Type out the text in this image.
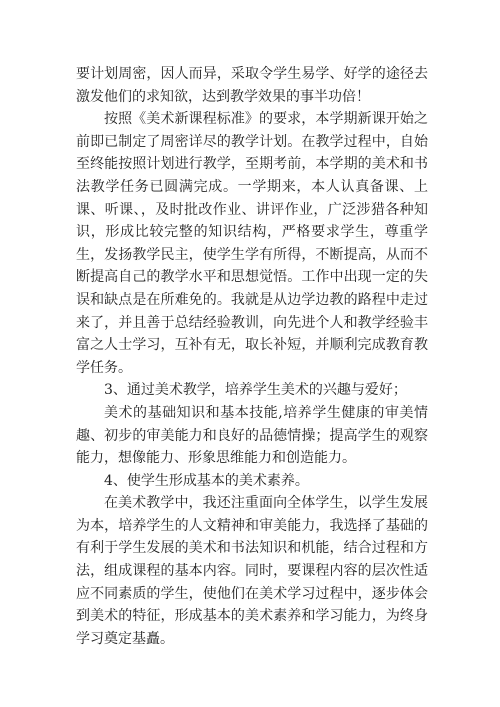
要计划周密，因人而异，采取令学生易学、好学的途径去激发他们的求知欲，达到教学效果的事半功倍！

按照《美术新课程标准》的要求，本学期新课开始之前即已制定了周密详尽的教学计划。在教学过程中，自始至终能按照计划进行教学，至期考前，本学期的美术和书法教学任务已圆满完成。一学期来，本人认真备课、上课、听课、，及时批改作业、讲评作业，广泛涉猎各种知识，形成比较完整的知识结构，严格要求学生，尊重学生，发扬教学民主，使学生学有所得，不断提高，从而不断提高自己的教学水平和思想觉悟。工作中出现一定的失误和缺点是在所难免的。我就是从边学边教的路程中走过来了，并且善于总结经验教训，向先进个人和教学经验丰富之人士学习，互补有无，取长补短，并顺利完成教育教学任务。

3、通过美术教学，培养学生美术的兴趣与爱好；

美术的基础知识和基本技能,培养学生健康的审美情趣、初步的审美能力和良好的品德情操；提高学生的观察能力，想像能力、形象思维能力和创造能力。

4、使学生形成基本的美术素养。

在美术教学中，我还注重面向全体学生，以学生发展为本，培养学生的人文精神和审美能力，我选择了基础的有利于学生发展的美术和书法知识和机能，结合过程和方法，组成课程的基本内容。同时，要课程内容的层次性适应不同素质的学生，使他们在美术学习过程中，逐步体会到美术的特征，形成基本的美术素养和学习能力，为终身学习奠定基矗。
